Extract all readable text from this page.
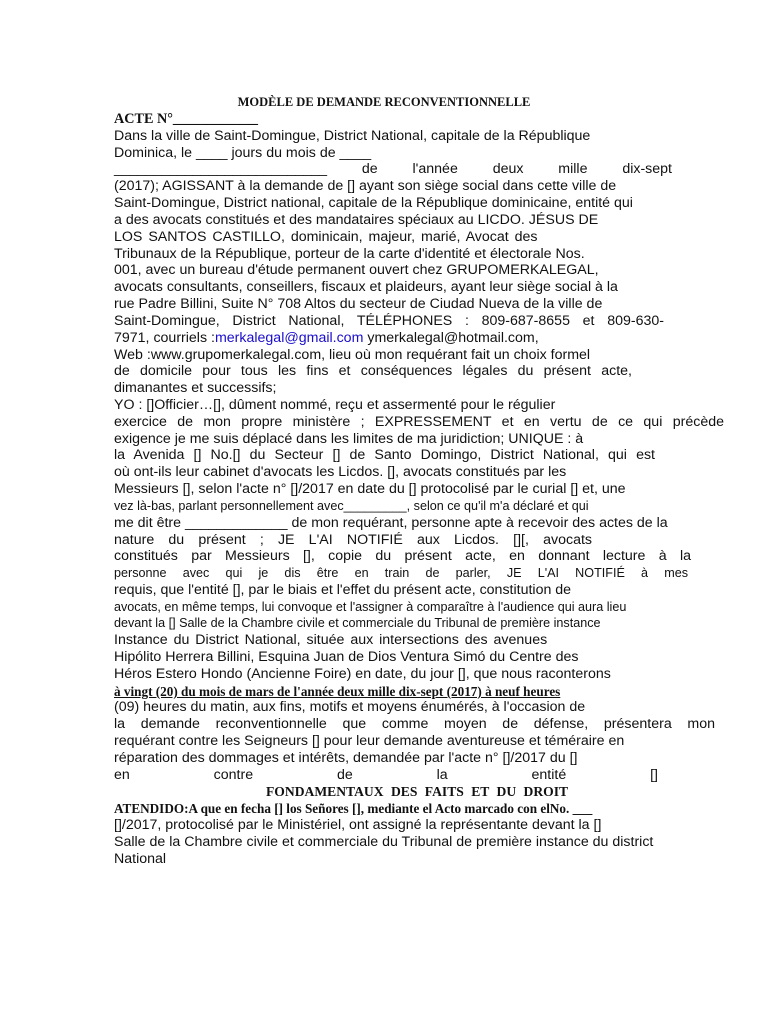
MODÈLE DE DEMANDE RECONVENTIONNELLE
ACTE N°____________
Dans la ville de Saint-Domingue, District National, capitale de la République
Dominica, le ____ jours du mois de ____
___________________________ de l'année deux mille dix-sept
(2017); AGISSANT à la demande de [] ayant son siège social dans cette ville de
Saint-Domingue, District national, capitale de la République dominicaine, entité qui
a des avocats constitués et des mandataires spéciaux au LICDO. JÉSUS DE
LOS SANTOS CASTILLO, dominicain, majeur, marié, Avocat des
Tribunaux de la République, porteur de la carte d'identité et électorale Nos.
001, avec un bureau d'étude permanent ouvert chez GRUPOMERKALEGAL,
avocats consultants, conseillers, fiscaux et plaideurs, ayant leur siège social à la
rue Padre Billini, Suite N° 708 Altos du secteur de Ciudad Nueva de la ville de
Saint-Domingue, District National, TÉLÉPHONES : 809-687-8655 et 809-630-
7971, courriels :merkalegal@gmail.com ymerkalegal@hotmail.com,
Web :www.grupomerkalegal.com, lieu où mon requérant fait un choix formel
de domicile pour tous les fins et conséquences légales du présent acte,
dimanantes et successifs;
YO : []Officier…[], dûment nommé, reçu et assermenté pour le régulier
exercice de mon propre ministère ; EXPRESSEMENT et en vertu de ce qui précède
exigence je me suis déplacé dans les limites de ma juridiction; UNIQUE : à
la Avenida [] No.[] du Secteur [] de Santo Domingo, District National, qui est
où ont-ils leur cabinet d'avocats les Licdos. [], avocats constitués par les
Messieurs [], selon l'acte n° []/2017 en date du [] protocolisé par le curial [] et, une
vez là-bas, parlant personnellement avec_________, selon ce qu'il m'a déclaré et qui
me dit être _____________ de mon requérant, personne apte à recevoir des actes de la
nature du présent ; JE L'AI NOTIFIÉ aux Licdos. [][, avocats
constitués par Messieurs [], copie du présent acte, en donnant lecture à la
personne avec qui je dis être en train de parler, JE L'AI NOTIFIÉ à mes
requis, que l'entité [], par le biais et l'effet du présent acte, constitution de
avocats, en même temps, lui convoque et l'assigner à comparaître à l'audience qui aura lieu
devant la [] Salle de la Chambre civile et commerciale du Tribunal de première instance
Instance du District National, située aux intersections des avenues
Hipólito Herrera Billini, Esquina Juan de Dios Ventura Simó du Centre des
Héros Estero Hondo (Ancienne Foire) en date, du jour [], que nous raconterons
à vingt (20) du mois de mars de l'année deux mille dix-sept (2017) à neuf heures
(09) heures du matin, aux fins, motifs et moyens énumérés, à l'occasion de
la demande reconventionnelle que comme moyen de défense, présentera mon
requérant contre les Seigneurs [] pour leur demande aventureuse et téméraire en
réparation des dommages et intérêts, demandée par l'acte n° []/2017 du []
en contre de la entité []
FONDAMENTAUX DES FAITS ET DU DROIT
ATENDIDO:A que en fecha [] los Señores [], mediante el Acto marcado con elNo. ___
[]/2017, protocolisé par le Ministériel, ont assigné la représentante devant la []
Salle de la Chambre civile et commerciale du Tribunal de première instance du district
National
